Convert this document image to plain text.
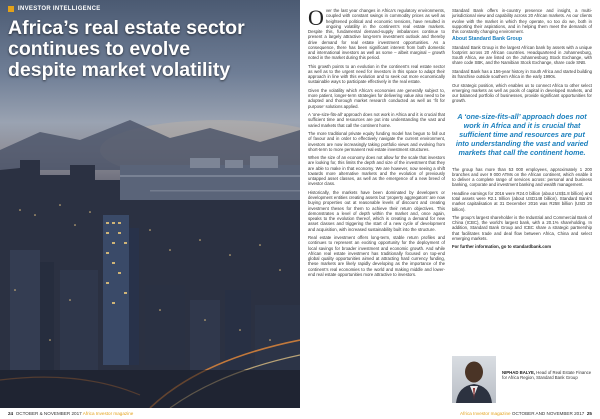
INVESTOR INTELLIGENCE
Africa’s real estate sector
continues to evolve
despite market volatility

Over the last year changes in Africa’s regulatory environments, coupled with constant swings in commodity prices as well as heightened political and economic tensions, have resulted in ongoing volatility in the continent’s real estate markets. Despite this, fundamental demand-supply imbalances continue to present a largely attractive long-term investment outlook and thereby drive demand for real estate investment opportunities. As a consequence, there has been significant interest from both domestic and international investors as well as some – albeit marginal – growth noted in the market during this period.

This growth points to an evolution in the continent’s real estate sector as well as to the urgent need for investors in this space to adapt their approach in line with this evolution and to seek out more economically sustainable ways to participate effectively in the real estate.

Given the volatility which Africa’s economies are generally subject to, more patient, longer-term strategies for delivering value also need to be adopted and thorough market research conducted as well as ‘fit for purpose’ solutions applied.

A ‘one-size-fits-all’ approach does not work in Africa and it is crucial that sufficient time and resources are put into understanding the vast and varied markets that call the continent home.

The more traditional private equity funding model has begun to fall out of favour and in order to effectively navigate the current environment, investors are now increasingly taking portfolio views and evolving from short-term to more permanent real estate investment structures.

When the size of an economy does not allow for the scale that investors are looking for, this limits the depth and size of the investment that they are able to make in that economy. We are however, now seeing a shift towards more alternative markets and the evolution of previously untapped asset classes, as well as the emergence of a new breed of investor class.

Historically, the markets have been dominated by developers or development entities creating assets but ‘property aggregators’ are now buying properties out at reasonable levels of discount and creating investment theses for them to achieve their return objectives. This demonstrates a level of depth within the market and, once again, speaks to the evolution thereof, which is creating a demand for new asset classes and triggering the start of a new cycle of development and acquisition, with increased sustainability built into the structure.

Real estate investment offers long-term, stable return profiles and continues to represent an exciting opportunity for the deployment of local savings for broader investment and economic growth. And while African real estate investment has traditionally focused on top-end global quality opportunities aimed at attracting hard currency funding, these markets are likely rapidly developing as the importance of the continent’s real economies to the world and making middle and lower-end real estate opportunities more attractive to investors.

Standard Bank offers in-country presence and insight, a multi-jurisdictional view and capability across 20 African markets. As our clients evolve with the market in which they operate, so too do we, both in supporting their aspirations, and in helping them meet the demands of this constantly changing environment.

About Standard Bank Group

Standard Bank Group is the largest African bank by assets with a unique footprint across 20 African countries. Headquartered in Johannesburg, South Africa, we are listed on the Johannesburg Stock Exchange, with share code SBK, and the Namibian Stock Exchange, share code SNB.

Standard Bank has a 156-year history in South Africa and started building its franchise outside southern Africa in the early 1990s.

Our strategic position, which enables us to connect Africa to other select emerging markets as well as pools of capital in developed markets, and our balanced portfolio of businesses, provide significant opportunities for growth.

A ‘one-size-fits-all’ approach does not work in Africa and it is crucial that sufficient time and resources are put into understanding the vast and varied markets that call the continent home.

The group has more than 53 000 employees, approximately 1 200 branches and over 9 000 ATMs on the African continent, which enable it to deliver a complete range of services across: personal and business banking, corporate and investment banking and wealth management.

Headline earnings for 2016 were R24.0 billion (about US$1.8 billion) and total assets were R2.1 trillion (about USD148 billion). Standard Bank’s market capitalisation at 31 December 2016 was R258 billion (USD 20 billion).

The group’s largest shareholder is the Industrial and Commercial Bank of China (ICBC), the world’s largest bank, with a 20.1% shareholding. In addition, Standard Bank Group and ICBC share a strategic partnership that facilitates trade and deal flow between Africa, China and select emerging markets.

For further information, go to standardbank.com

NIPHAD BALYE, Head of Real Estate Finance for Africa Region, Standard Bank Group
24 OCTOBER & NOVEMBER 2017 Africa Investor magazine	Africa Investor magazine OCTOBER AND NOVEMBER 2017 25
